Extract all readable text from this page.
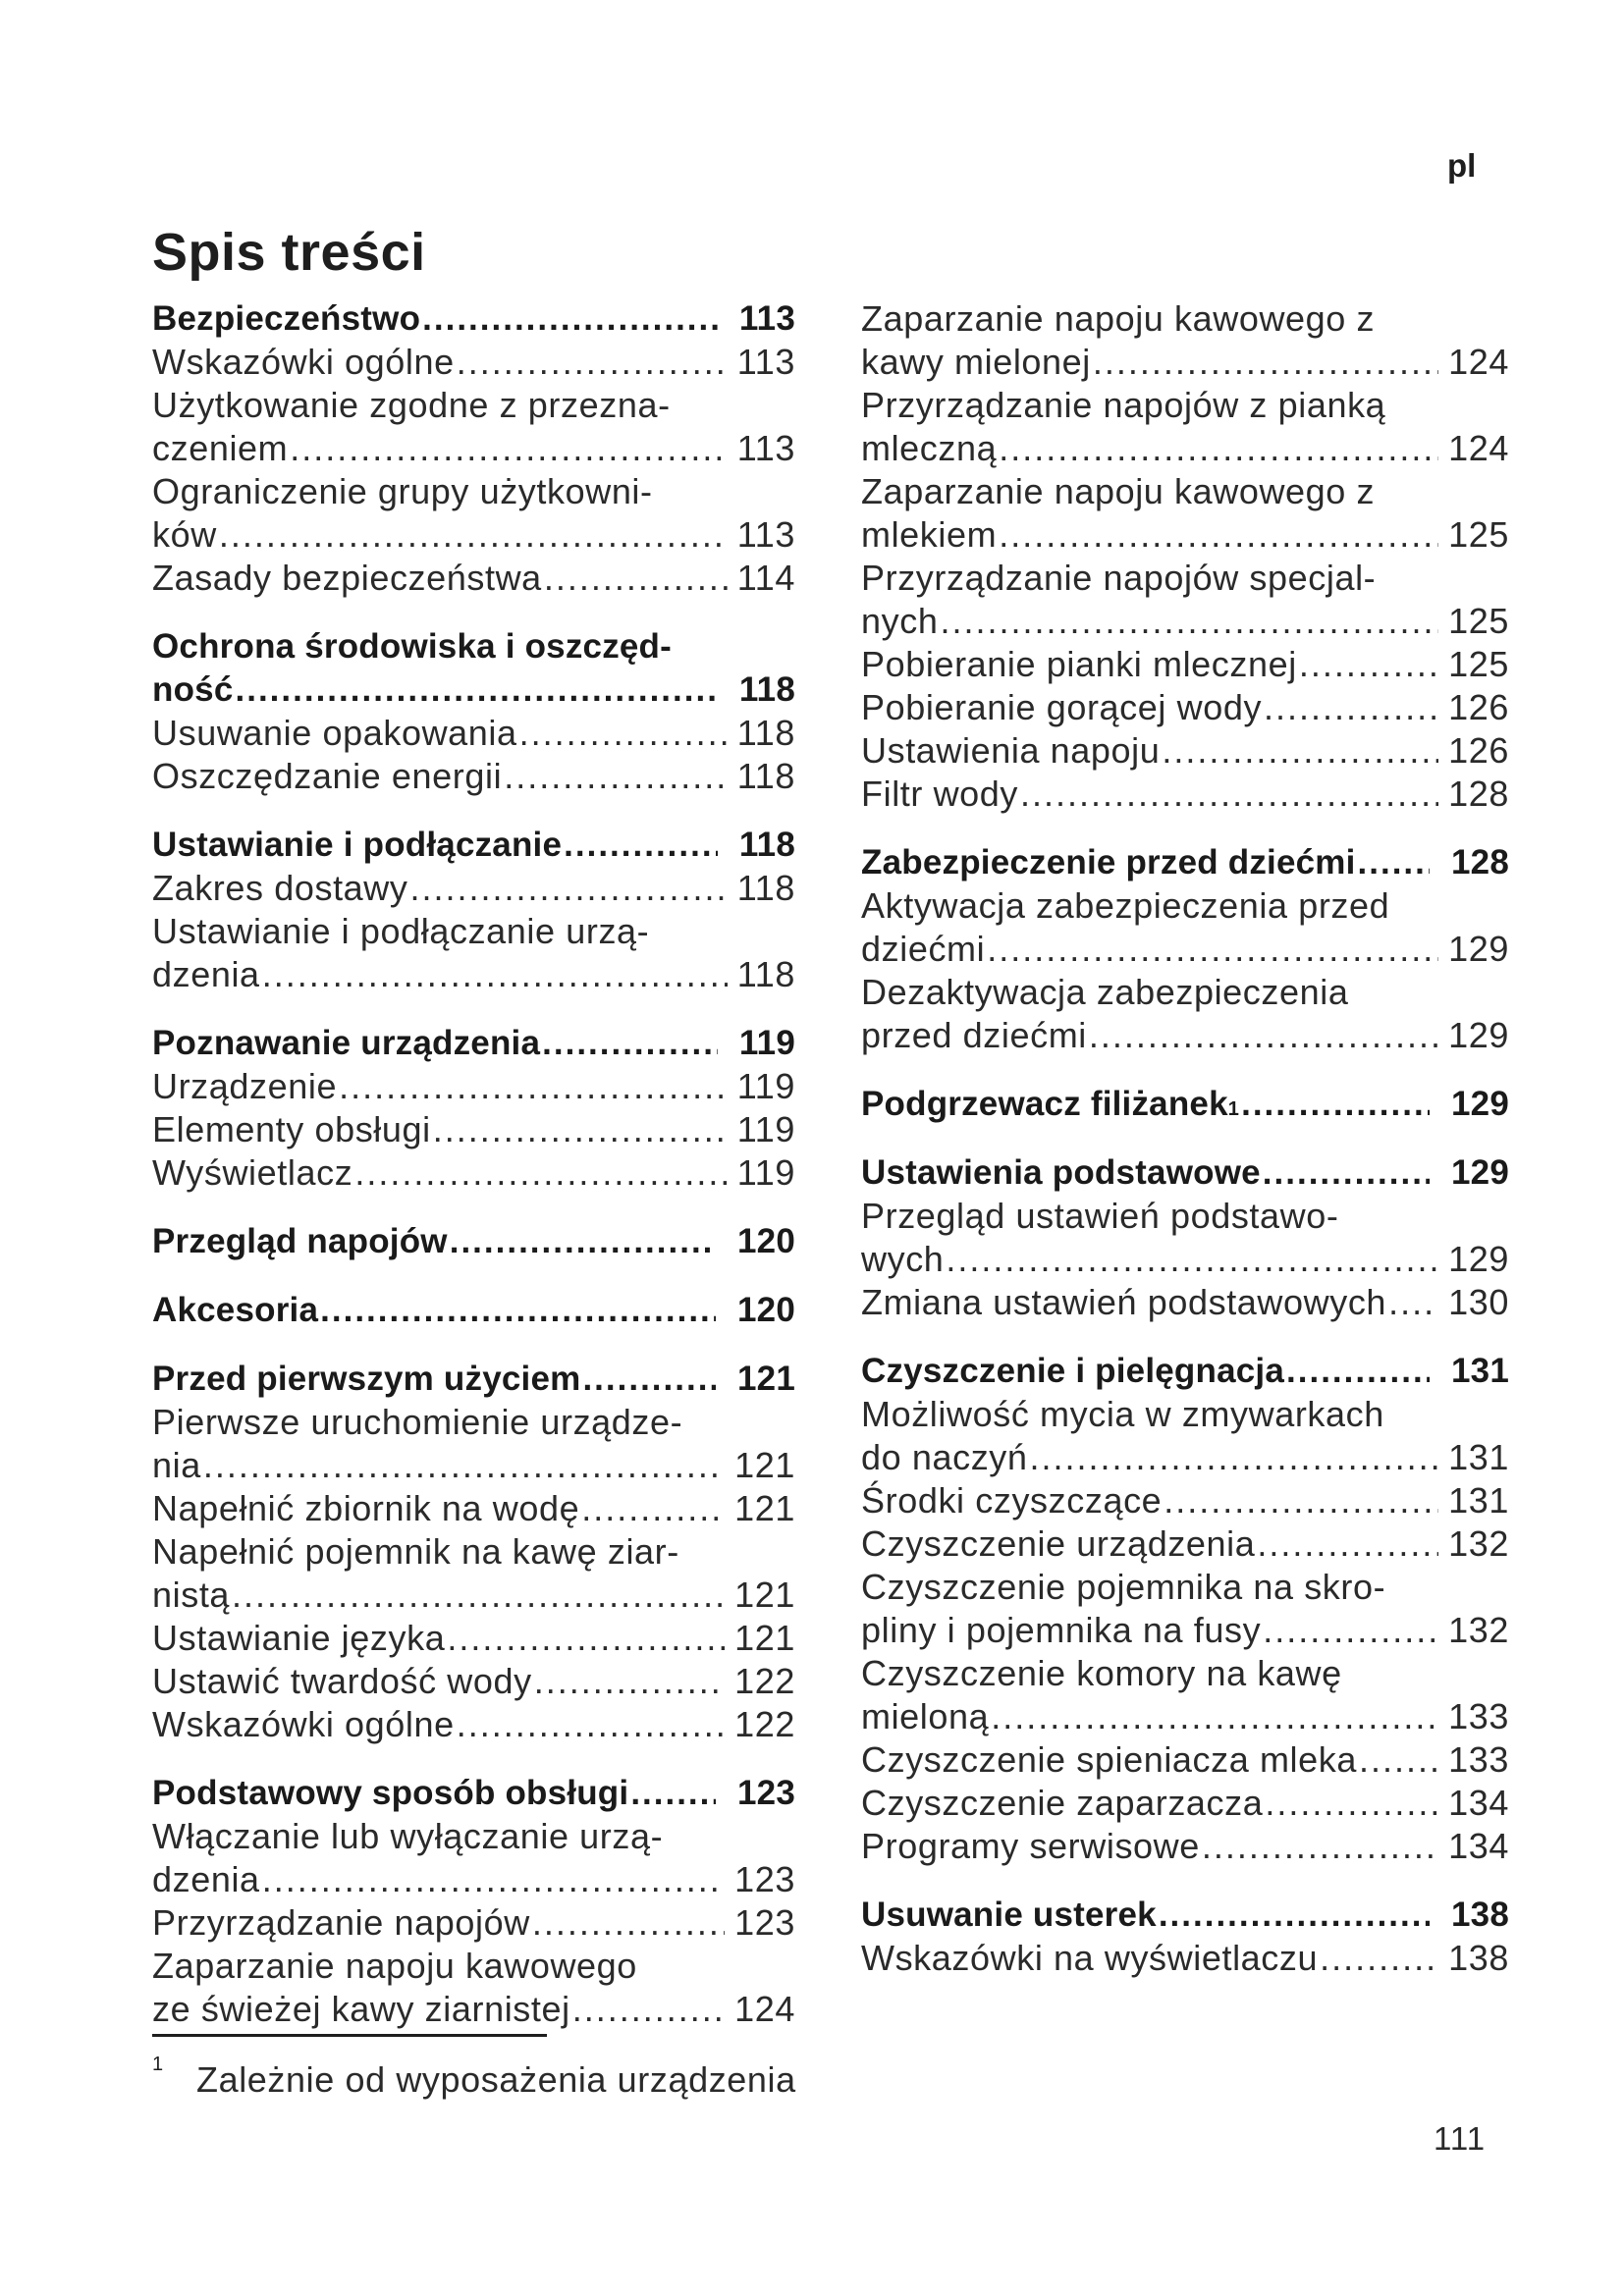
pl
Spis treści
Bezpieczeństwo .....	113
Wskazówki ogólne .....	113
Użytkowanie zgodne z przezna-
czeniem .....	113
Ograniczenie grupy użytkowni-
ków .....	113
Zasady bezpieczeństwa .....	114
Ochrona środowiska i oszczęd-
ność .....	118
Usuwanie opakowania .....	118
Oszczędzanie energii .....	118
Ustawianie i podłączanie .....	118
Zakres dostawy .....	118
Ustawianie i podłączanie urzą-
dzenia .....	118
Poznawanie urządzenia .....	119
Urządzenie .....	119
Elementy obsługi .....	119
Wyświetlacz .....	119
Przegląd napojów .....	120
Akcesoria .....	120
Przed pierwszym użyciem .....	121
Pierwsze uruchomienie urządze-
nia .....	121
Napełnić zbiornik na wodę .....	121
Napełnić pojemnik na kawę ziar-
nistą .....	121
Ustawianie języka .....	121
Ustawić twardość wody .....	122
Wskazówki ogólne .....	122
Podstawowy sposób obsługi .....	123
Włączanie lub wyłączanie urzą-
dzenia .....	123
Przyrządzanie napojów .....	123
Zaparzanie napoju kawowego
ze świeżej kawy ziarnistej .....	124
Zaparzanie napoju kawowego z
kawy mielonej .....	124
Przyrządzanie napojów z pianką
mleczną .....	124
Zaparzanie napoju kawowego z
mlekiem .....	125
Przyrządzanie napojów specjal-
nych .....	125
Pobieranie pianki mlecznej .....	125
Pobieranie gorącej wody .....	126
Ustawienia napoju .....	126
Filtr wody .....	128
Zabezpieczenie przed dziećmi .....	128
Aktywacja zabezpieczenia przed
dziećmi .....	129
Dezaktywacja zabezpieczenia
przed dziećmi .....	129
Podgrzewacz filiżanek 1 .....	129
Ustawienia podstawowe .....	129
Przegląd ustawień podstawo-
wych .....	129
Zmiana ustawień podstawowych ..... 130
Czyszczenie i pielęgnacja .....	131
Możliwość mycia w zmywarkach
do naczyń .....	131
Środki czyszczące .....	131
Czyszczenie urządzenia .....	132
Czyszczenie pojemnika na skro-
pliny i pojemnika na fusy .....	132
Czyszczenie komory na kawę
mieloną .....	133
Czyszczenie spieniacza mleka .....	133
Czyszczenie zaparzacza .....	134
Programy serwisowe .....	134
Usuwanie usterek .....	138
Wskazówki na wyświetlaczu .....	138
1 Zależnie od wyposażenia urządzenia
111
